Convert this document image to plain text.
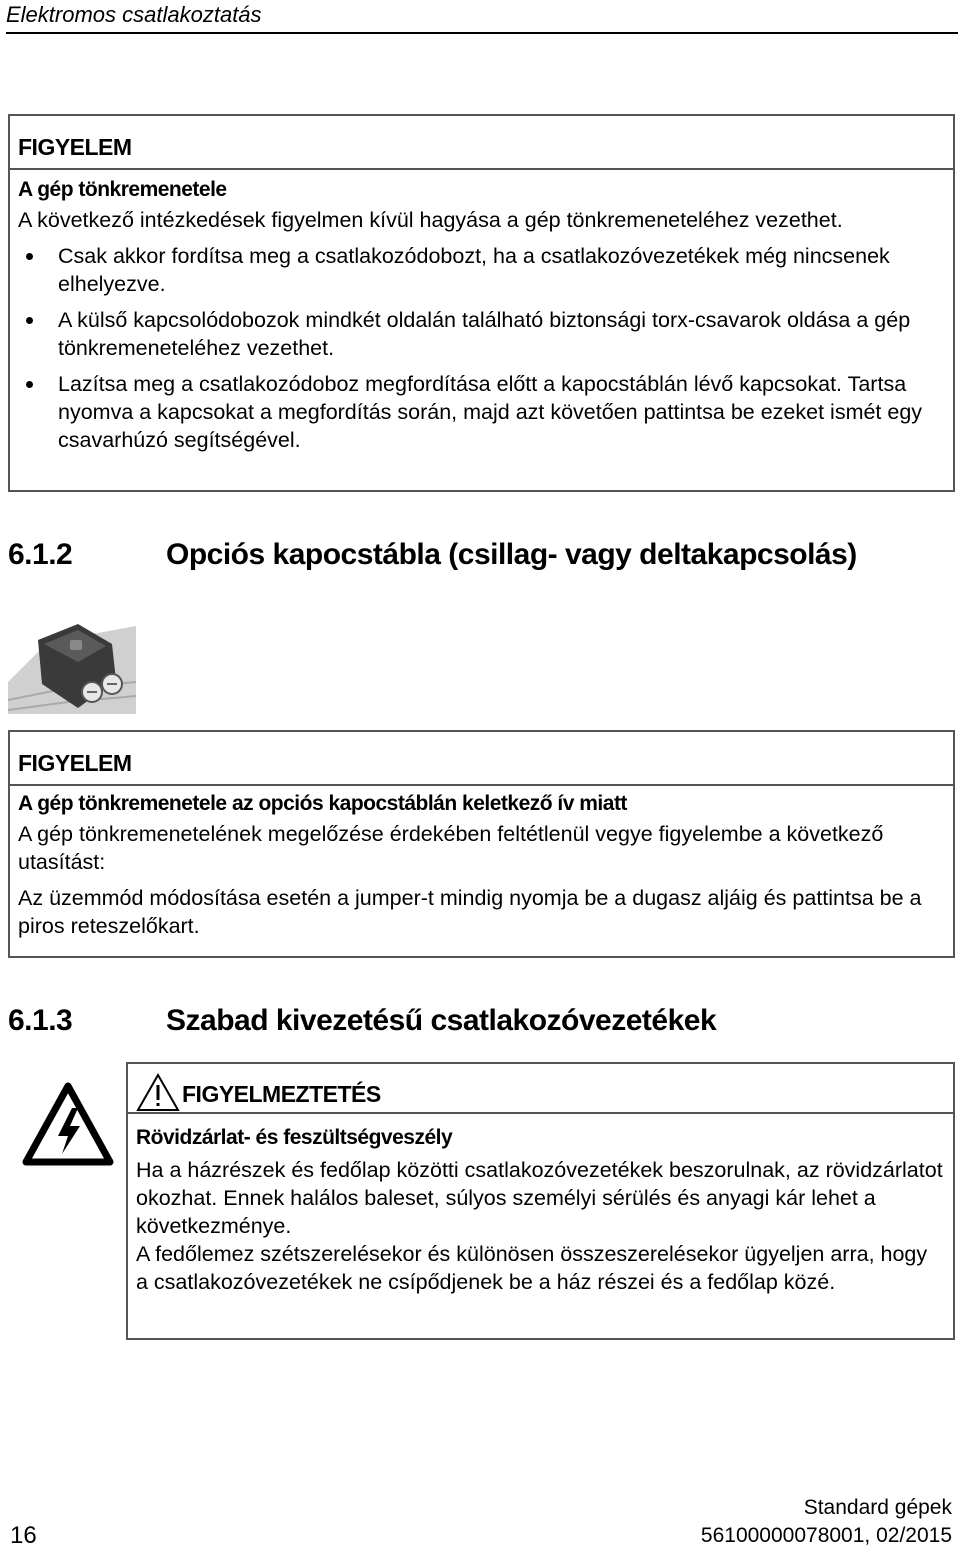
Elektromos csatlakoztatás
FIGYELEM
A gép tönkremenetele
A következő intézkedések figyelmen kívül hagyása a gép tönkremeneteléhez vezethet.
Csak akkor fordítsa meg a csatlakozódobozt, ha a csatlakozóvezetékek még nincsenek elhelyezve.
A külső kapcsolódobozok mindkét oldalán található biztonsági torx-csavarok oldása a gép tönkremeneteléhez vezethet.
Lazítsa meg a csatlakozódoboz megfordítása előtt a kapocstáblán lévő kapcsokat. Tartsa nyomva a kapcsokat a megfordítás során, majd azt követően pattintsa be ezeket ismét egy csavarhúzó segítségével.
6.1.2	Opciós kapocstábla (csillag- vagy deltakapcsolás)
FIGYELEM
A gép tönkremenetele az opciós kapocstáblán keletkező ív miatt
A gép tönkremenetelének megelőzése érdekében feltétlenül vegye figyelembe a következő utasítást:
Az üzemmód módosítása esetén a jumper-t mindig nyomja be a dugasz aljáig és pattintsa be a piros reteszelőkart.
6.1.3	Szabad kivezetésű csatlakozóvezetékek
FIGYELMEZTETÉS
Rövidzárlat- és feszültségveszély
Ha a házrészek és fedőlap közötti csatlakozóvezetékek beszorulnak, az rövidzárlatot okozhat. Ennek halálos baleset, súlyos személyi sérülés és anyagi kár lehet a következménye.
A fedőlemez szétszerelésekor és különösen összeszerelésekor ügyeljen arra, hogy a csatlakozóvezetékek ne csípődjenek be a ház részei és a fedőlap közé.
16
Standard gépek
56100000078001, 02/2015
